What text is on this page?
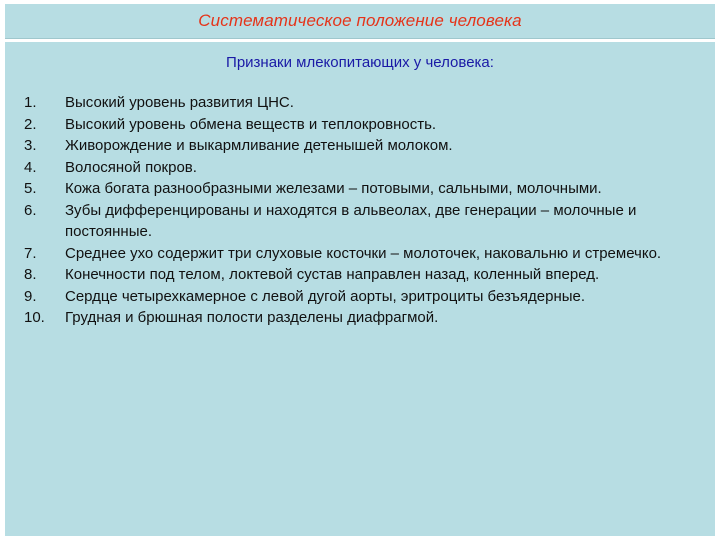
Систематическое положение человека
Признаки млекопитающих у человека:
1.	Высокий уровень развития ЦНС.
2.	Высокий уровень обмена веществ и теплокровность.
3.	Живорождение и выкармливание детенышей молоком.
4.	Волосяной покров.
5.	Кожа богата разнообразными железами – потовыми, сальными, молочными.
6.	Зубы дифференцированы и находятся в альвеолах, две генерации – молочные и постоянные.
7.	Среднее ухо содержит три слуховые косточки – молоточек, наковальню и стремечко.
8.	Конечности под телом, локтевой сустав направлен назад, коленный вперед.
9.	Сердце четырехкамерное с левой дугой аорты, эритроциты безъядерные.
10.	Грудная и брюшная полости разделены диафрагмой.
